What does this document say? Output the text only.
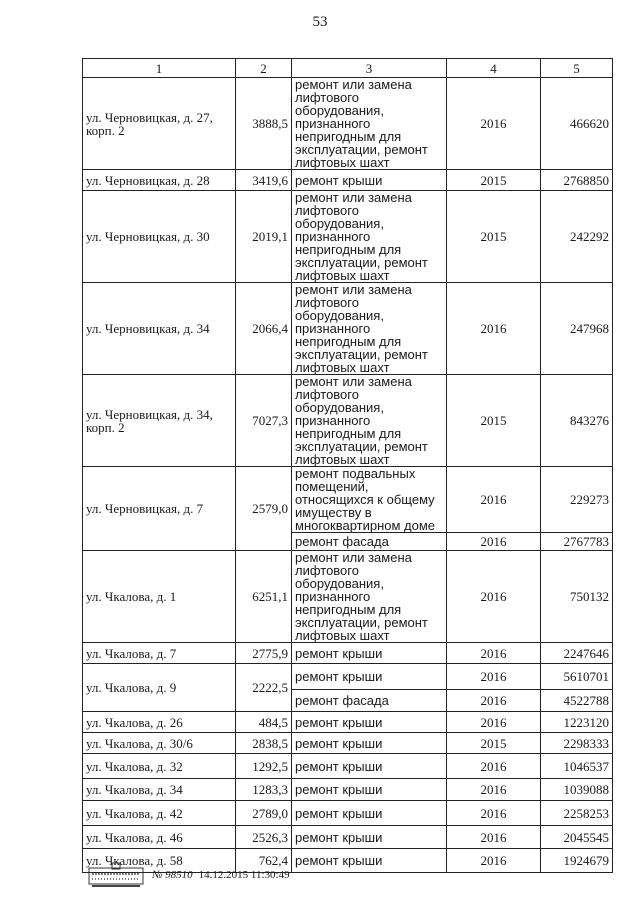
53
1	2	3	4	5
ул. Черновицкая, д. 27, корп. 2	3888,5	ремонт или замена лифтового оборудования, признанного непригодным для эксплуатации, ремонт лифтовых шахт	2016	466620
ул. Черновицкая, д. 28	3419,6	ремонт крыши	2015	2768850
ул. Черновицкая, д. 30	2019,1	ремонт или замена лифтового оборудования, признанного непригодным для эксплуатации, ремонт лифтовых шахт	2015	242292
ул. Черновицкая, д. 34	2066,4	ремонт или замена лифтового оборудования, признанного непригодным для эксплуатации, ремонт лифтовых шахт	2016	247968
ул. Черновицкая, д. 34, корп. 2	7027,3	ремонт или замена лифтового оборудования, признанного непригодным для эксплуатации, ремонт лифтовых шахт	2015	843276
ул. Черновицкая, д. 7	2579,0	ремонт подвальных помещений, относящихся к общему имуществу в многоквартирном доме	2016	229273
		ремонт фасада	2016	2767783
ул. Чкалова, д. 1	6251,1	ремонт или замена лифтового оборудования, признанного непригодным для эксплуатации, ремонт лифтовых шахт	2016	750132
ул. Чкалова, д. 7	2775,9	ремонт крыши	2016	2247646
ул. Чкалова, д. 9	2222,5	ремонт крыши	2016	5610701
		ремонт фасада	2016	4522788
ул. Чкалова, д. 26	484,5	ремонт крыши	2016	1223120
ул. Чкалова, д. 30/6	2838,5	ремонт крыши	2015	2298333
ул. Чкалова, д. 32	1292,5	ремонт крыши	2016	1046537
ул. Чкалова, д. 34	1283,3	ремонт крыши	2016	1039088
ул. Чкалова, д. 42	2789,0	ремонт крыши	2016	2258253
ул. Чкалова, д. 46	2526,3	ремонт крыши	2016	2045545
ул. Чкалова, д. 58	762,4	ремонт крыши	2016	1924679
№ 98510 14.12.2015 11:30:49
